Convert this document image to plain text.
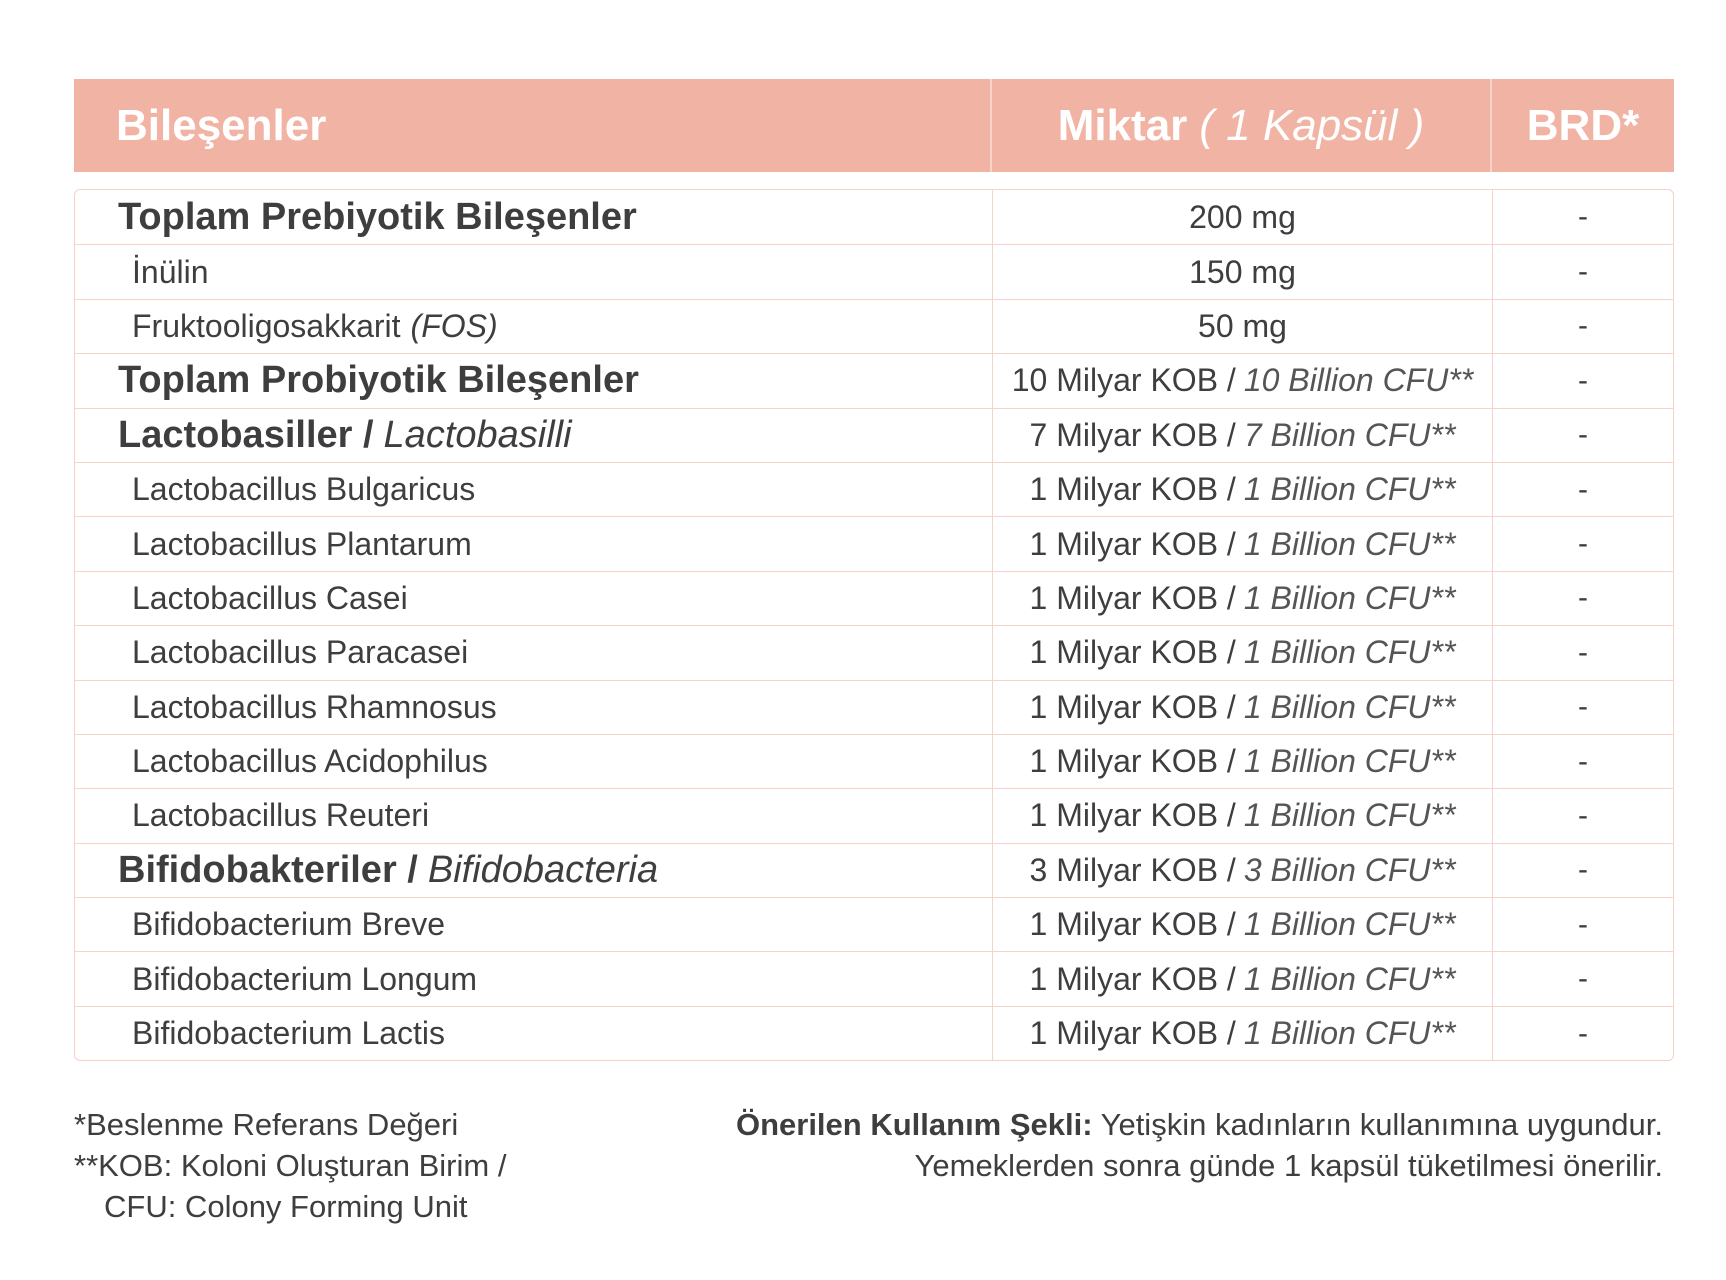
Bileşenler	Miktar ( 1 Kapsül )	BRD*
Toplam Prebiyotik Bileşenler	200 mg	-
İnülin	150 mg	-
Fruktooligosakkarit (FOS)	50 mg	-
Toplam Probiyotik Bileşenler	10 Milyar KOB / 10 Billion CFU**	-
Lactobasiller / Lactobasilli	7 Milyar KOB / 7 Billion CFU**	-
Lactobacillus Bulgaricus	1 Milyar KOB / 1 Billion CFU**	-
Lactobacillus Plantarum	1 Milyar KOB / 1 Billion CFU**	-
Lactobacillus Casei	1 Milyar KOB / 1 Billion CFU**	-
Lactobacillus Paracasei	1 Milyar KOB / 1 Billion CFU**	-
Lactobacillus Rhamnosus	1 Milyar KOB / 1 Billion CFU**	-
Lactobacillus Acidophilus	1 Milyar KOB / 1 Billion CFU**	-
Lactobacillus Reuteri	1 Milyar KOB / 1 Billion CFU**	-
Bifidobakteriler / Bifidobacteria	3 Milyar KOB / 3 Billion CFU**	-
Bifidobacterium Breve	1 Milyar KOB / 1 Billion CFU**	-
Bifidobacterium Longum	1 Milyar KOB / 1 Billion CFU**	-
Bifidobacterium Lactis	1 Milyar KOB / 1 Billion CFU**	-
*Beslenme Referans Değeri
**KOB: Koloni Oluşturan Birim /
CFU: Colony Forming Unit
Önerilen Kullanım Şekli: Yetişkin kadınların kullanımına uygundur.
Yemeklerden sonra günde 1 kapsül tüketilmesi önerilir.
